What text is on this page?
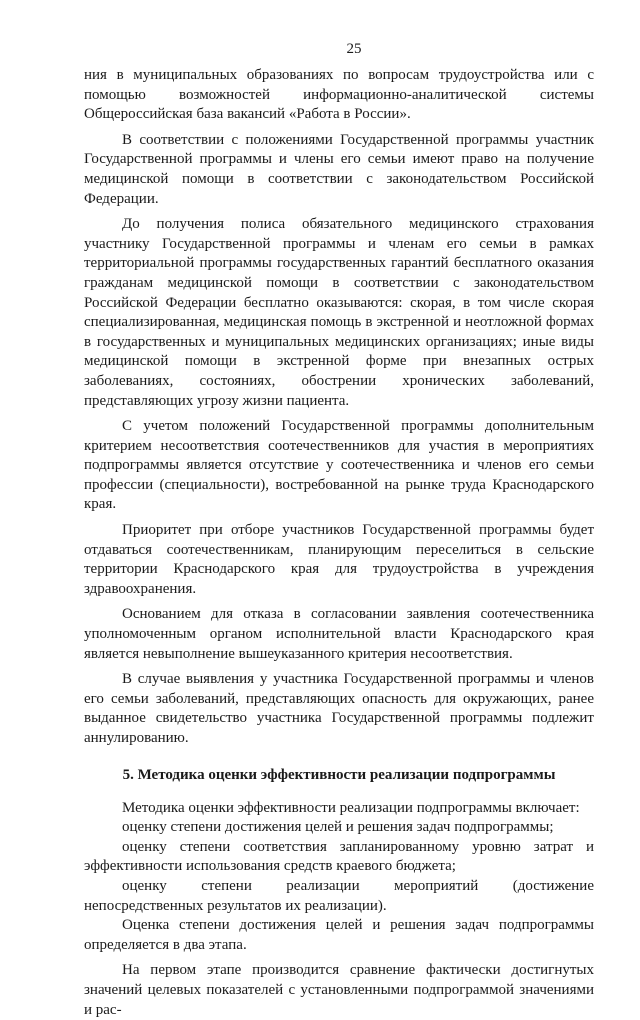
25

ния в муниципальных образованиях по вопросам трудоустройства или с помощью возможностей информационно-аналитической системы Общероссийская база вакансий «Работа в России».

В соответствии с положениями Государственной программы участник Государственной программы и члены его семьи имеют право на получение медицинской помощи в соответствии с законодательством Российской Федерации.

До получения полиса обязательного медицинского страхования участнику Государственной программы и членам его семьи в рамках территориальной программы государственных гарантий бесплатного оказания гражданам медицинской помощи в соответствии с законодательством Российской Федерации бесплатно оказываются: скорая, в том числе скорая специализированная, медицинская помощь в экстренной и неотложной формах в государственных и муниципальных медицинских организациях; иные виды медицинской помощи в экстренной форме при внезапных острых заболеваниях, состояниях, обострении хронических заболеваний, представляющих угрозу жизни пациента.

С учетом положений Государственной программы дополнительным критерием несоответствия соотечественников для участия в мероприятиях подпрограммы является отсутствие у соотечественника и членов его семьи профессии (специальности), востребованной на рынке труда Краснодарского края.

Приоритет при отборе участников Государственной программы будет отдаваться соотечественникам, планирующим переселиться в сельские территории Краснодарского края для трудоустройства в учреждения здравоохранения.

Основанием для отказа в согласовании заявления соотечественника уполномоченным органом исполнительной власти Краснодарского края является невыполнение вышеуказанного критерия несоответствия.

В случае выявления у участника Государственной программы и членов его семьи заболеваний, представляющих опасность для окружающих, ранее выданное свидетельство участника Государственной программы подлежит аннулированию.

5. Методика оценки эффективности реализации подпрограммы

Методика оценки эффективности реализации подпрограммы включает:

оценку степени достижения целей и решения задач подпрограммы;

оценку степени соответствия запланированному уровню затрат и эффективности использования средств краевого бюджета;

оценку степени реализации мероприятий (достижение непосредственных результатов их реализации).

Оценка степени достижения целей и решения задач подпрограммы определяется в два этапа.

На первом этапе производится сравнение фактически достигнутых значений целевых показателей с установленными подпрограммой значениями и рас-
